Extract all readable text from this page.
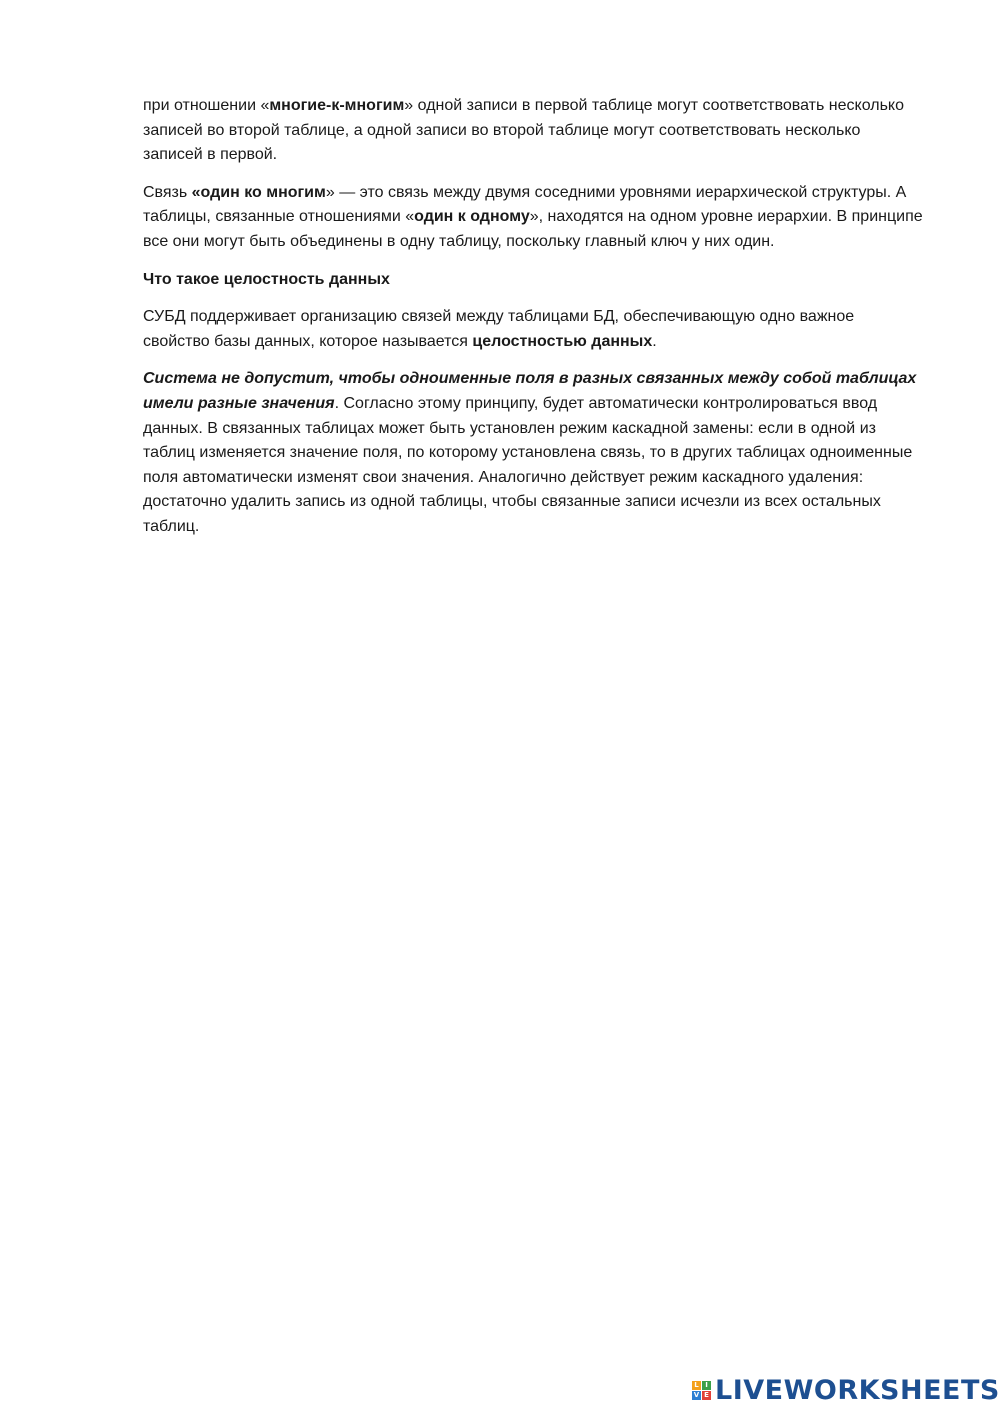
при отношении «многие-к-многим» одной записи в первой таблице могут соответствовать несколько записей во второй таблице, а одной записи во второй таблице могут соответствовать несколько записей в первой.

Связь «один ко многим» — это связь между двумя соседними уровнями иерархической структуры. А таблицы, связанные отношениями «один к одному», находятся на одном уровне иерархии. В принципе все они могут быть объединены в одну таблицу, поскольку главный ключ у них один.

Что такое целостность данных

СУБД поддерживает организацию связей между таблицами БД, обеспечивающую одно важное свойство базы данных, которое называется целостностью данных.

Система не допустит, чтобы одноименные поля в разных связанных между собой таблицах имели разные значения. Согласно этому принципу, будет автоматически контролироваться ввод данных. В связанных таблицах может быть установлен режим каскадной замены: если в одной из таблиц изменяется значение поля, по которому установлена связь, то в других таблицах одноименные поля автоматически изменят свои значения. Аналогично действует режим каскадного удаления: достаточно удалить запись из одной таблицы, чтобы связанные записи исчезли из всех остальных таблиц.

L I
V E LIVEWORKSHEETS
